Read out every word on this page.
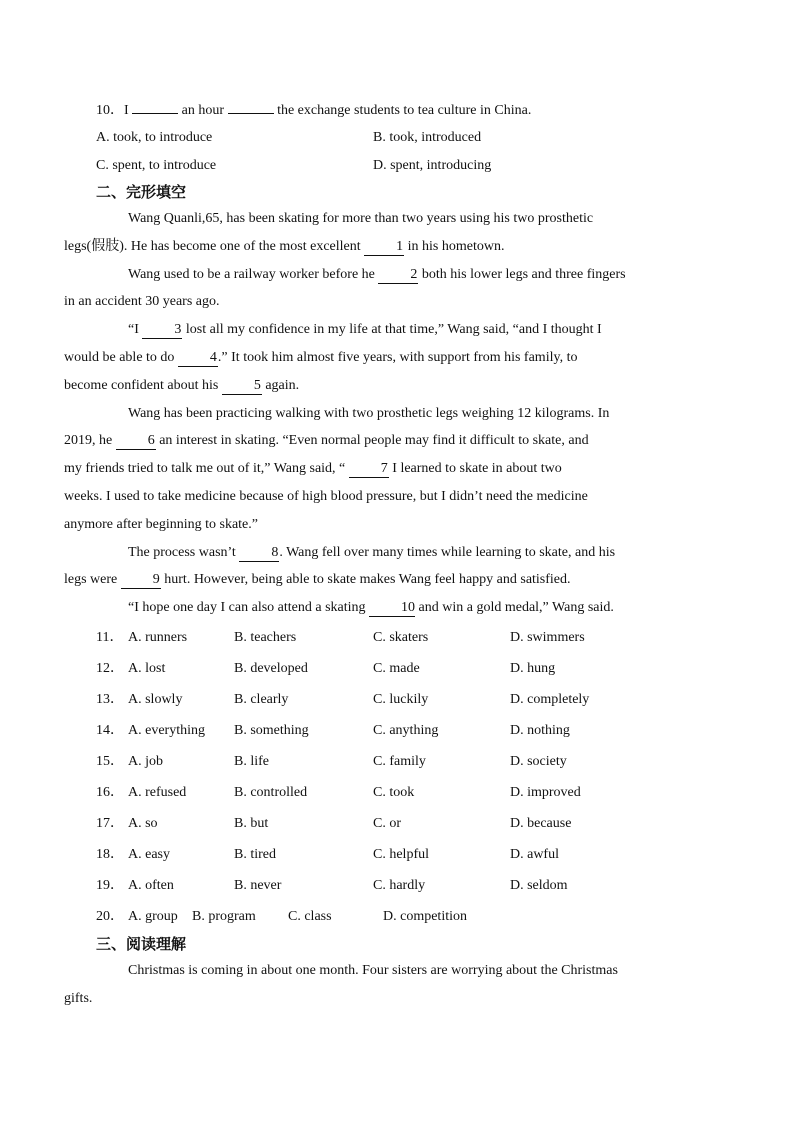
10．I	an hour	the exchange students to tea culture in China.
A. took, to introduce	B. took, introduced
C. spent, to introduce	D. spent, introducing
二、完形填空
Wang Quanli,65, has been skating for more than two years using his two prosthetic
legs(假肢). He has become one of the most excellent 1 in his hometown.
Wang used to be a railway worker before he 2 both his lower legs and three fingers
in an accident 30 years ago.
“I 3 lost all my confidence in my life at that time,” Wang said, “and I thought I
would be able to do 4.” It took him almost five years, with support from his family, to
become confident about his 5 again.
Wang has been practicing walking with two prosthetic legs weighing 12 kilograms. In
2019, he 6 an interest in skating. “Even normal people may find it difficult to skate, and
my friends tried to talk me out of it,” Wang said, “ 7 I learned to skate in about two
weeks. I used to take medicine because of high blood pressure, but I didn’t need the medicine
anymore after beginning to skate.”
The process wasn’t 8. Wang fell over many times while learning to skate, and his
legs were 9 hurt. However, being able to skate makes Wang feel happy and satisfied.
“I hope one day I can also attend a skating 10 and win a gold medal,” Wang said.
11． A. runners	B. teachers	C. skaters	D. swimmers
12． A. lost	B. developed	C. made	D. hung
13． A. slowly	B. clearly	C. luckily	D. completely
14． A. everything B. something	C. anything	D. nothing
15． A. job	B. life	C. family	D. society
16． A. refused	B. controlled	C. took	D. improved
17． A. so	B. but	C. or	D. because
18． A. easy	B. tired	C. helpful	D. awful
19． A. often	B. never	C. hardly	D. seldom
20． A. group B. program C. class	D. competition
三、阅读理解
Christmas is coming in about one month. Four sisters are worrying about the Christmas
gifts.
